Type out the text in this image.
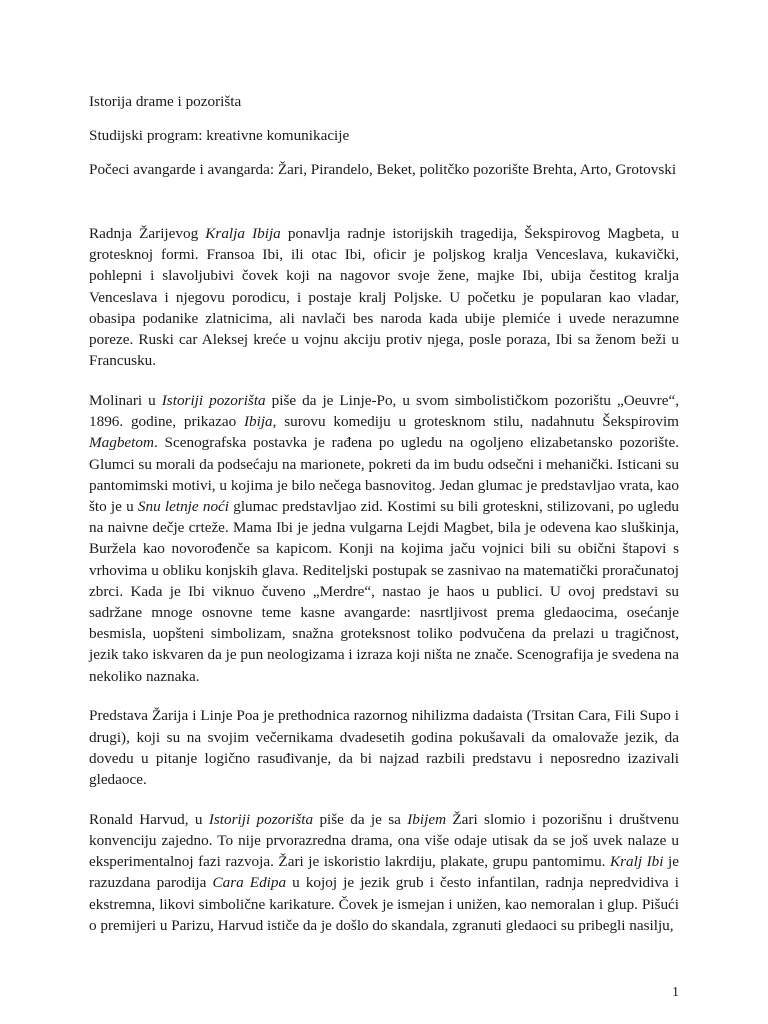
Istorija drame i pozorišta
Studijski program: kreativne komunikacije
Počeci avangarde i avangarda: Žari, Pirandelo, Beket, politčko pozorište Brehta, Arto, Grotovski

Radnja Žarijevog Kralja Ibija ponavlja radnje istorijskih tragedija, Šekspirovog Magbeta, u grotesknoj formi. Fransoa Ibi, ili otac Ibi, oficir je poljskog kralja Venceslava, kukavički, pohlepni i slavoljubivi čovek koji na nagovor svoje žene, majke Ibi, ubija čestitog kralja Venceslava i njegovu porodicu, i postaje kralj Poljske. U početku je popularan kao vladar, obasipa podanike zlatnicima, ali navlači bes naroda kada ubije plemiće i uvede nerazumne poreze. Ruski car Aleksej kreće u vojnu akciju protiv njega, posle poraza, Ibi sa ženom beži u Francusku.

Molinari u Istoriji pozorišta piše da je Linje-Po, u svom simbolističkom pozorištu „Oeuvre“, 1896. godine, prikazao Ibija, surovu komediju u grotesknom stilu, nadahnutu Šekspirovim Magbetom. Scenografska postavka je rađena po ugledu na ogoljeno elizabetansko pozorište. Glumci su morali da podsećaju na marionete, pokreti da im budu odsečni i mehanički. Isticani su pantomimski motivi, u kojima je bilo nečega basnovitog. Jedan glumac je predstavljao vrata, kao što je u Snu letnje noći glumac predstavljao zid. Kostimi su bili groteskni, stilizovani, po ugledu na naivne dečje crteže. Mama Ibi je jedna vulgarna Lejdi Magbet, bila je odevena kao sluškinja, Buržela kao novorođenče sa kapicom. Konji na kojima jaču vojnici bili su obični štapovi s vrhovima u obliku konjskih glava. Rediteljski postupak se zasnivao na matematički proračunatoj zbrci. Kada je Ibi viknuo čuveno „Merdre“, nastao je haos u publici. U ovoj predstavi su sadržane mnoge osnovne teme kasne avangarde: nasrtljivost prema gledaocima, osećanje besmisla, uopšteni simbolizam, snažna groteksnost toliko podvučena da prelazi u tragičnost, jezik tako iskvaren da je pun neologizama i izraza koji ništa ne znače. Scenografija je svedena na nekoliko naznaka.

Predstava Žarija i Linje Poa je prethodnica razornog nihilizma dadaista (Trsitan Cara, Fili Supo i drugi), koji su na svojim večernikama dvadesetih godina pokušavali da omalovaže jezik, da dovedu u pitanje logično rasuđivanje, da bi najzad razbili predstavu i neposredno izazivali gledaoce.

Ronald Harvud, u Istoriji pozorišta piše da je sa Ibijem Žari slomio i pozorišnu i društvenu konvenciju zajedno. To nije prvorazredna drama, ona više odaje utisak da se još uvek nalaze u eksperimentalnoj fazi razvoja. Žari je iskoristio lakrdiju, plakate, grupu pantomimu. Kralj Ibi je razuzdana parodija Cara Edipa u kojoj je jezik grub i često infantilan, radnja nepredvidiva i ekstremna, likovi simbolične karikature. Čovek je ismejan i unižen, kao nemoralan i glup. Pišući o premijeri u Parizu, Harvud ističe da je došlo do skandala, zgranuti gledaoci su pribegli nasilju,

1
